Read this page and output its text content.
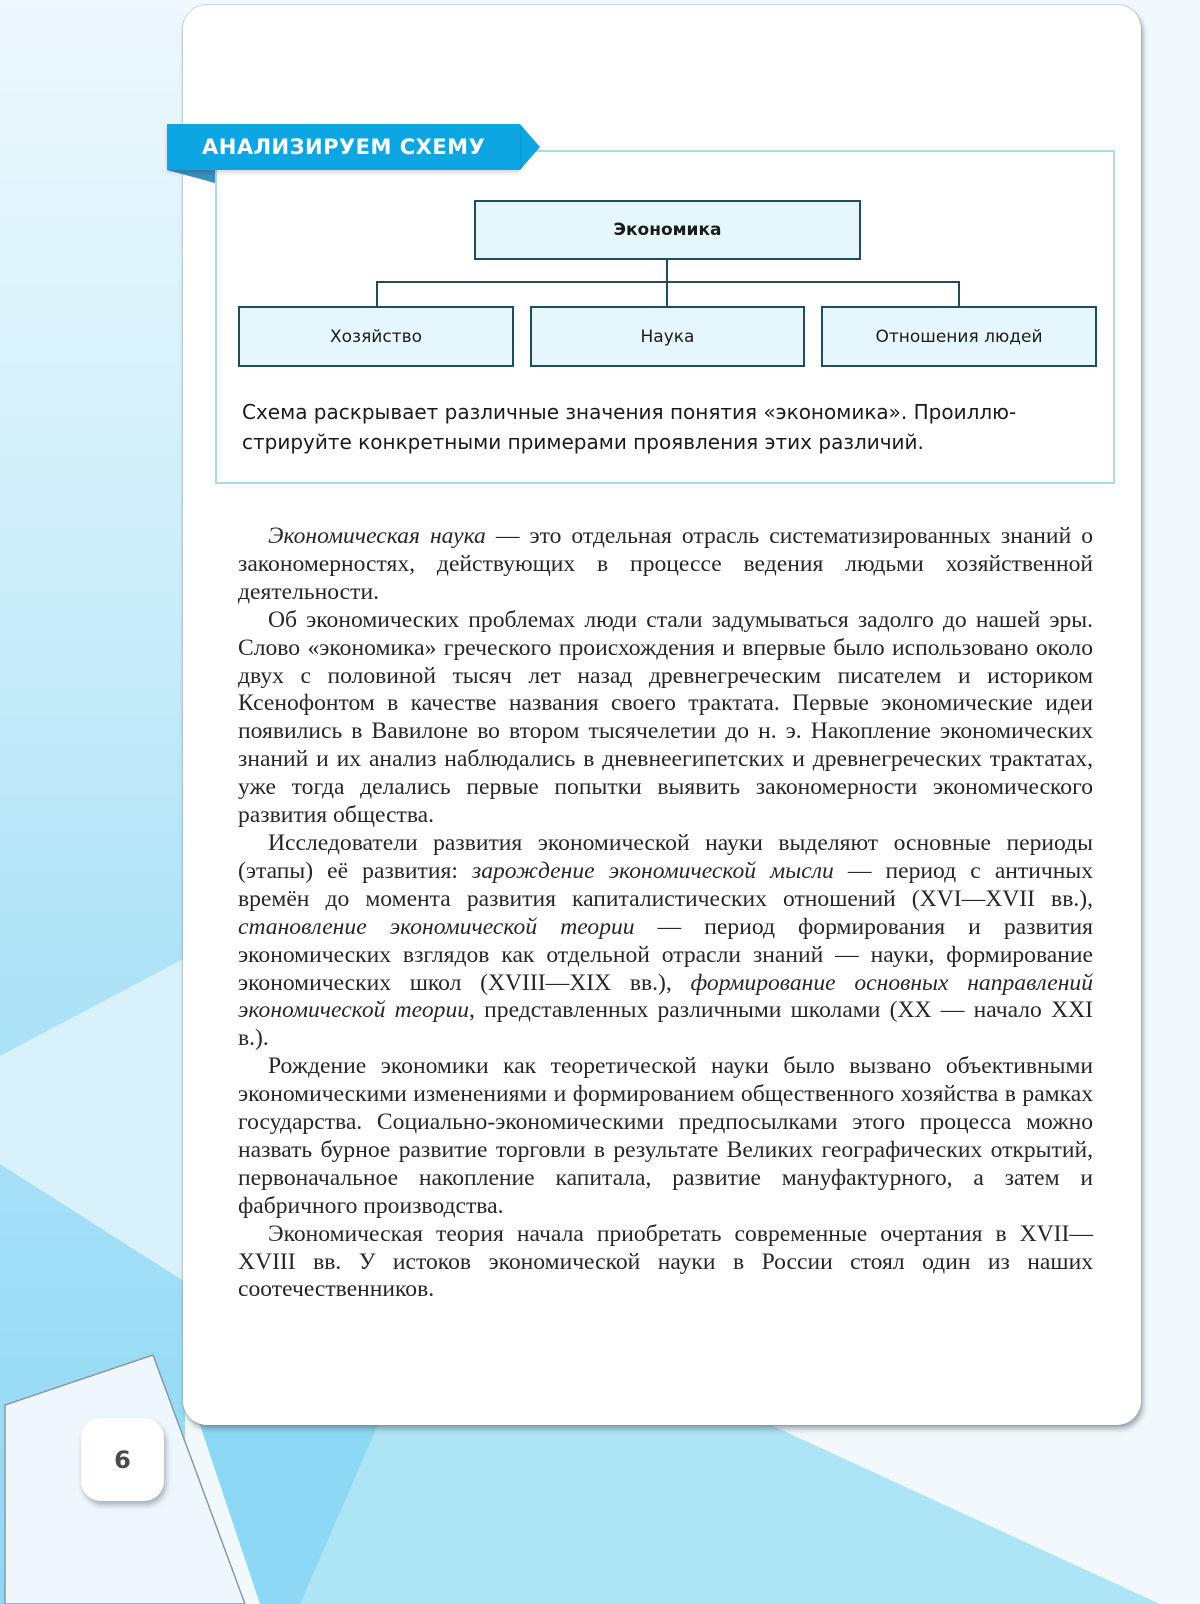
АНАЛИЗИРУЕМ СХЕМУ
Экономика
Хозяйство	Наука	Отношения людей
Схема раскрывает различные значения понятия «экономика». Проиллю-
стрируйте конкретными примерами проявления этих различий.

Экономическая наука — это отдельная отрасль систематизированных знаний о закономерностях, действующих в процессе ведения людьми хозяйственной деятельности.

Об экономических проблемах люди стали задумываться задолго до нашей эры. Слово «экономика» греческого происхождения и впервые было использовано около двух с половиной тысяч лет назад древнегреческим писателем и историком Ксенофонтом в качестве названия своего трактата. Первые экономические идеи появились в Вавилоне во втором тысячелетии до н. э. Накопление экономических знаний и их анализ наблюдались в дневнеегипетских и древнегреческих трактатах, уже тогда делались первые попытки выявить закономерности экономического развития общества.

Исследователи развития экономической науки выделяют основные периоды (этапы) её развития: зарождение экономической мысли — период с античных времён до момента развития капиталистических отношений (XVI—XVII вв.), становление экономической теории — период формирования и развития экономических взглядов как отдельной отрасли знаний — науки, формирование экономических школ (XVIII—XIX вв.), формирование основных направлений экономической теории, представленных различными школами (XX — начало XXI в.).

Рождение экономики как теоретической науки было вызвано объективными экономическими изменениями и формированием общественного хозяйства в рамках государства. Социально-экономическими предпосылками этого процесса можно назвать бурное развитие торговли в результате Великих географических открытий, первоначальное накопление капитала, развитие мануфактурного, а затем и фабричного производства.

Экономическая теория начала приобретать современные очертания в XVII—XVIII вв. У истоков экономической науки в России стоял один из наших соотечественников.

6
